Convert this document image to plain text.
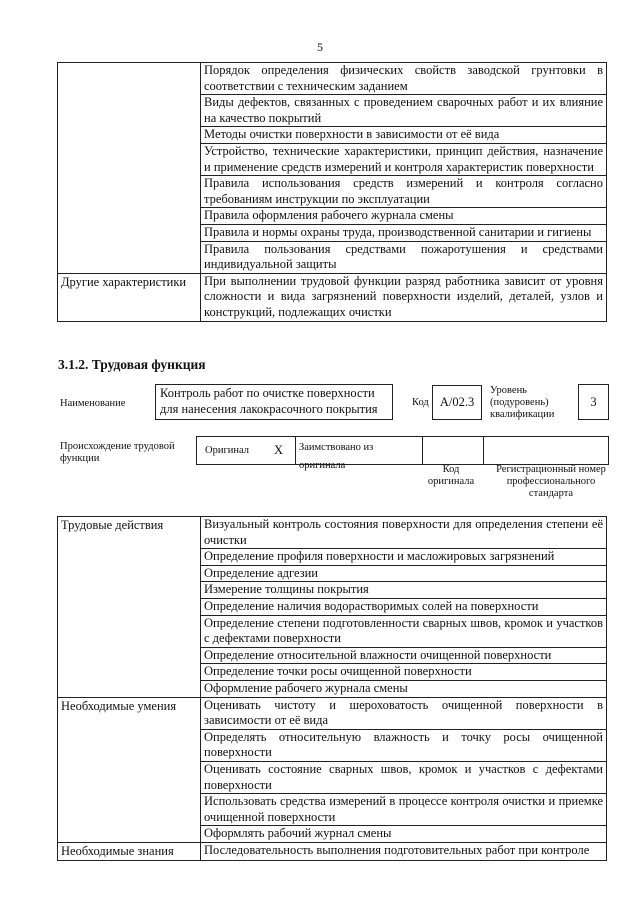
5
	Порядок определения физических свойств заводской грунтовки в соответствии с техническим заданием
	Виды дефектов, связанных с проведением сварочных работ и их влияние на качество покрытий
	Методы очистки поверхности в зависимости от её вида
	Устройство, технические характеристики, принцип действия, назначение и применение средств измерений и контроля характеристик поверхности
	Правила использования средств измерений и контроля согласно требованиям инструкции по эксплуатации
	Правила оформления рабочего журнала смены
	Правила и нормы охраны труда, производственной санитарии и гигиены
	Правила пользования средствами пожаротушения и средствами индивидуальной защиты
Другие характеристики	При выполнении трудовой функции разряд работника зависит от уровня сложности и вида загрязнений поверхности изделий, деталей, узлов и конструкций, подлежащих очистки
3.1.2. Трудовая функция
Наименование
Контроль работ по очистке поверхности для нанесения лакокрасочного покрытия	Код A/02.3
Уровень (подуровень) квалификации
3
Происхождение трудовой функции
Оригинал X	Заимствовано из оригинала	Код оригинала
Регистрационный номер профессионального стандарта
Трудовые действия	Визуальный контроль состояния поверхности для определения степени её очистки
	Определение профиля поверхности и масложировых загрязнений
	Определение адгезии
	Измерение толщины покрытия
	Определение наличия водорастворимых солей на поверхности
	Определение степени подготовленности сварных швов, кромок и участков с дефектами поверхности
	Определение относительной влажности очищенной поверхности
	Определение точки росы очищенной поверхности
	Оформление рабочего журнала смены
Необходимые умения	Оценивать чистоту и шероховатость очищенной поверхности в зависимости от её вида
	Определять относительную влажность и точку росы очищенной поверхности
	Оценивать состояние сварных швов, кромок и участков с дефектами поверхности
	Использовать средства измерений в процессе контроля очистки и приемке очищенной поверхности
	Оформлять рабочий журнал смены
Необходимые знания	Последовательность выполнения подготовительных работ при контроле
